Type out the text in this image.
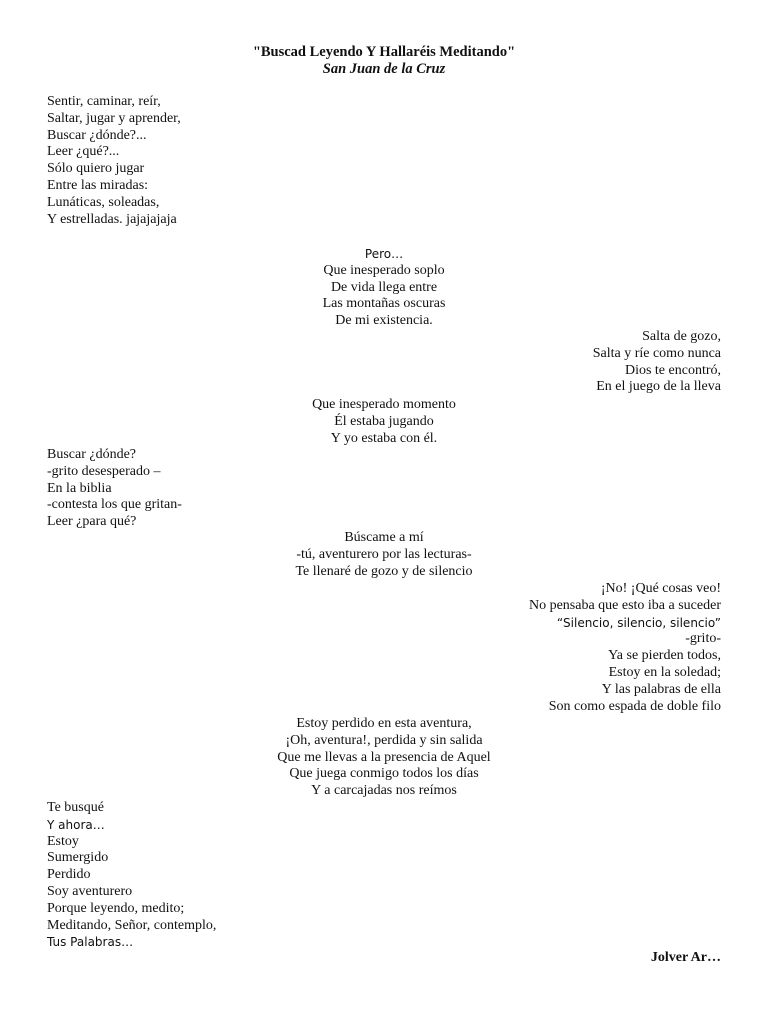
"Buscad Leyendo Y Hallaréis Meditando"
San Juan de la Cruz
Sentir, caminar, reír,
Saltar, jugar y aprender,
Buscar ¿dónde?...
Leer ¿qué?...
Sólo quiero jugar
Entre las miradas:
Lunáticas, soleadas,
Y estrelladas. jajajajaja
Pero…
Que inesperado soplo
De vida llega entre
Las montañas oscuras
De mi existencia.
Salta de gozo,
Salta y ríe como nunca
Dios te encontró,
En el juego de la lleva
Que inesperado momento
Él estaba jugando
Y yo estaba con él.
Buscar ¿dónde?
-grito desesperado –
En la biblia
-contesta los que gritan-
Leer ¿para qué?
Búscame a mí
-tú, aventurero por las lecturas-
Te llenaré de gozo y de silencio
¡No! ¡Qué cosas veo!
No pensaba que esto iba a suceder
“Silencio, silencio, silencio”
-grito-
Ya se pierden todos,
Estoy en la soledad;
Y las palabras de ella
Son como espada de doble filo
Estoy perdido en esta aventura,
¡Oh, aventura!, perdida y sin salida
Que me llevas a la presencia de Aquel
Que juega conmigo todos los días
Y a carcajadas nos reímos
Te busqué
Y ahora…
Estoy
Sumergido
Perdido
Soy aventurero
Porque leyendo, medito;
Meditando, Señor, contemplo,
Tus Palabras…
Jolver Ar…
